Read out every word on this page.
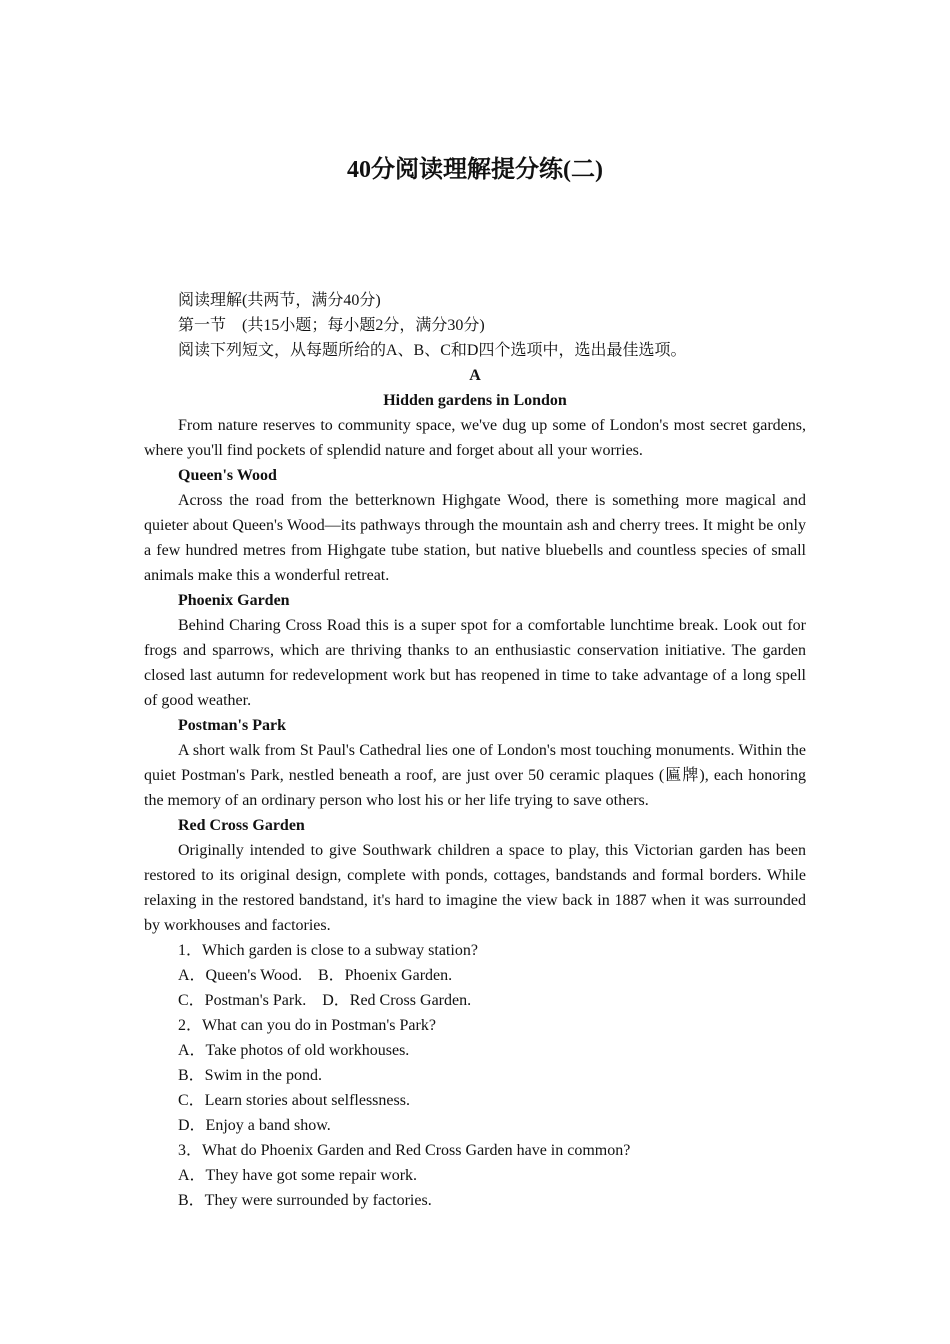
40分阅读理解提分练(二)

阅读理解(共两节，满分40分)

第一节　(共15小题；每小题2分，满分30分)

阅读下列短文，从每题所给的A、B、C和D四个选项中，选出最佳选项。

A

Hidden gardens in London

From nature reserves to community space, we've dug up some of London's most secret gardens, where you'll find pockets of splendid nature and forget about all your worries.

Queen's Wood

Across the road from the betterknown Highgate Wood, there is something more magical and quieter about Queen's Wood—its pathways through the mountain ash and cherry trees. It might be only a few hundred metres from Highgate tube station, but native bluebells and countless species of small animals make this a wonderful retreat.

Phoenix Garden

Behind Charing Cross Road this is a super spot for a comfortable lunchtime break. Look out for frogs and sparrows, which are thriving thanks to an enthusiastic conservation initiative. The garden closed last autumn for redevelopment work but has reopened in time to take advantage of a long spell of good weather.

Postman's Park

A short walk from St Paul's Cathedral lies one of London's most touching monuments. Within the quiet Postman's Park, nestled beneath a roof, are just over 50 ceramic plaques (匾牌), each honoring the memory of an ordinary person who lost his or her life trying to save others.

Red Cross Garden

Originally intended to give Southwark children a space to play, this Victorian garden has been restored to its original design, complete with ponds, cottages, bandstands and formal borders. While relaxing in the restored bandstand, it's hard to imagine the view back in 1887 when it was surrounded by workhouses and factories.

1．Which garden is close to a subway station?

A．Queen's Wood.　B．Phoenix Garden.

C．Postman's Park.　D．Red Cross Garden.

2．What can you do in Postman's Park?

A．Take photos of old workhouses.

B．Swim in the pond.

C．Learn stories about selflessness.

D．Enjoy a band show.

3．What do Phoenix Garden and Red Cross Garden have in common?

A．They have got some repair work.

B．They were surrounded by factories.
